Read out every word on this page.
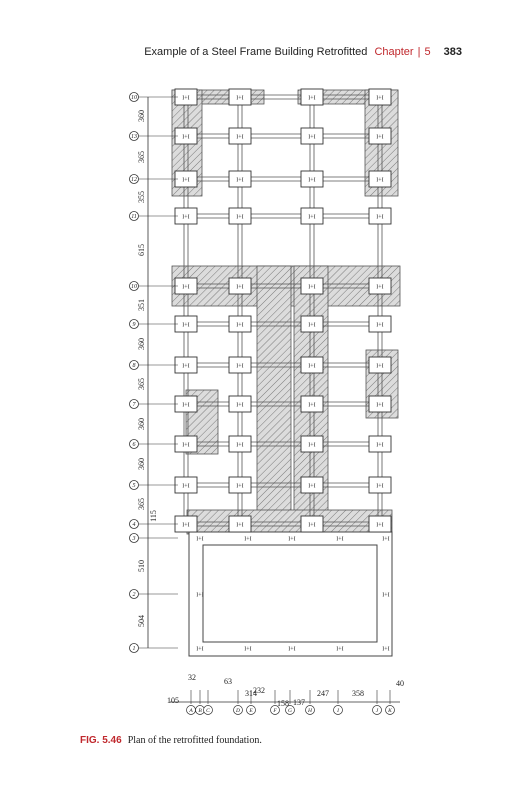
Example of a Steel Frame Building Retrofitted Chapter | 5 383
I+I	I+I	I+I	I+I
I+I	I+I	I+I	I+I
I+I	I+I	I+I	I+I
I+I	I+I	I+I	I+I
I+I	I+I	I+I	I+I
I+I	I+I	I+I	I+I
I+I	I+I	I+I	I+I
I+I	I+I	I+I	I+I
I+I	I+I	I+I	I+I
I+I	I+I	I+I	I+I
I+I	I+I	I+I	I+I
I+I	I+I	I+I	I+I	I+I
I+I	I+I
I+I	I+I	I+I	I+I	I+I
10
13
12
11
10
9
8
7
6
5
4
3
2
1
360
365
355
615
351
360
365
360
360
365
115
510
504
A B C	D E	F G	H	I	J K
32	63
105
314
232
158 137
247	358
40
FIG. 5.46 Plan of the retrofitted foundation.
